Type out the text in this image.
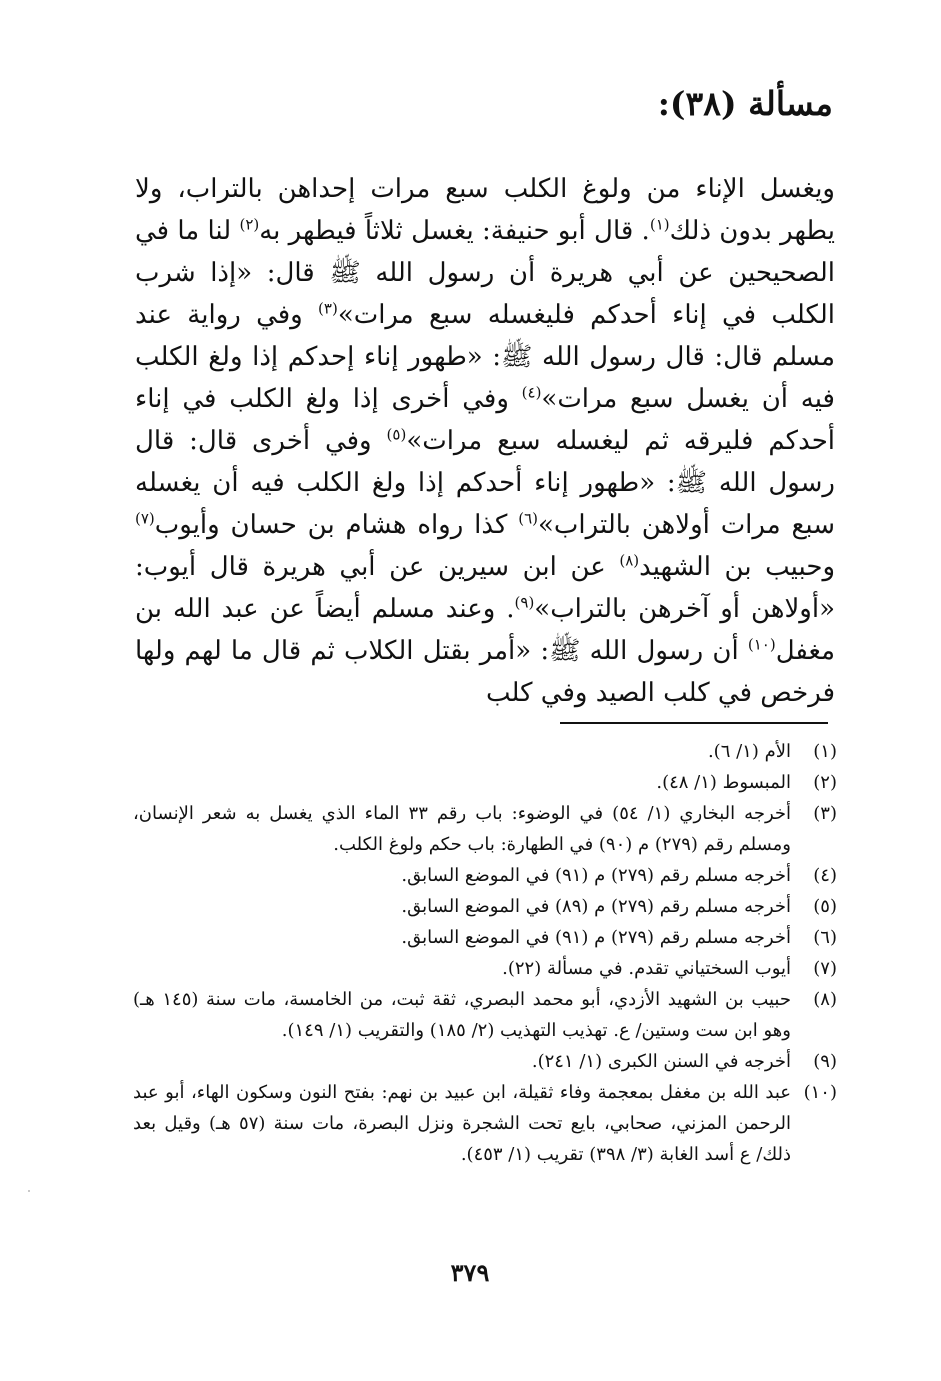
مسألة (٣٨):

ويغسل الإناء من ولوغ الكلب سبع مرات إحداهن بالتراب، ولا يطهر بدون ذلك$^{(١)}$. قال أبو حنيفة: يغسل ثلاثاً فيطهر به$^{(٢)}$ لنا ما في الصحيحين عن أبي هريرة أن رسول الله ﷺ قال: «إذا شرب الكلب في إناء أحدكم فليغسله سبع مرات»$^{(٣)}$ وفي رواية عند مسلم قال: قال رسول الله ﷺ: «طهور إناء إحدكم إذا ولغ الكلب فيه أن يغسل سبع مرات»$^{(٤)}$ وفي أخرى إذا ولغ الكلب في إناء أحدكم فليرقه ثم ليغسله سبع مرات»$^{(٥)}$ وفي أخرى قال: قال رسول الله ﷺ: «طهور إناء أحدكم إذا ولغ الكلب فيه أن يغسله سبع مرات أولاهن بالتراب»$^{(٦)}$ كذا رواه هشام بن حسان وأيوب$^{(٧)}$ وحبيب بن الشهيد$^{(٨)}$ عن ابن سيرين عن أبي هريرة قال أيوب: «أولاهن أو آخرهن بالتراب»$^{(٩)}$. وعند مسلم أيضاً عن عبد الله بن مغفل$^{(١٠)}$ أن رسول الله ﷺ: «أمر بقتل الكلاب ثم قال ما لهم ولها فرخص في كلب الصيد وفي كلب

(١)
الأم (١/ ٦).
(٢)
المبسوط (١/ ٤٨).
(٣)
أخرجه البخاري (١/ ٥٤) في الوضوء: باب رقم ٣٣ الماء الذي يغسل به شعر الإنسان، ومسلم رقم (٢٧٩) م (٩٠) في الطهارة: باب حكم ولوغ الكلب.
(٤)
أخرجه مسلم رقم (٢٧٩) م (٩١) في الموضع السابق.
(٥)
أخرجه مسلم رقم (٢٧٩) م (٨٩) في الموضع السابق.
(٦)
أخرجه مسلم رقم (٢٧٩) م (٩١) في الموضع السابق.
(٧)
أيوب السختياني تقدم. في مسألة (٢٢).
(٨)
حبيب بن الشهيد الأزدي، أبو محمد البصري، ثقة ثبت، من الخامسة، مات سنة (١٤٥ هـ) وهو ابن ست وستين/ ع. تهذيب التهذيب (٢/ ١٨٥) والتقريب (١/ ١٤٩).
(٩)
أخرجه في السنن الكبرى (١/ ٢٤١).
(١٠)
عبد الله بن مغفل بمعجمة وفاء ثقيلة، ابن عبيد بن نهم: بفتح النون وسكون الهاء، أبو عبد الرحمن المزني، صحابي، بايع تحت الشجرة ونزل البصرة، مات سنة (٥٧ هـ) وقيل بعد ذلك/ ع أسد الغابة (٣/ ٣٩٨) تقريب (١/ ٤٥٣).
٣٧٩
